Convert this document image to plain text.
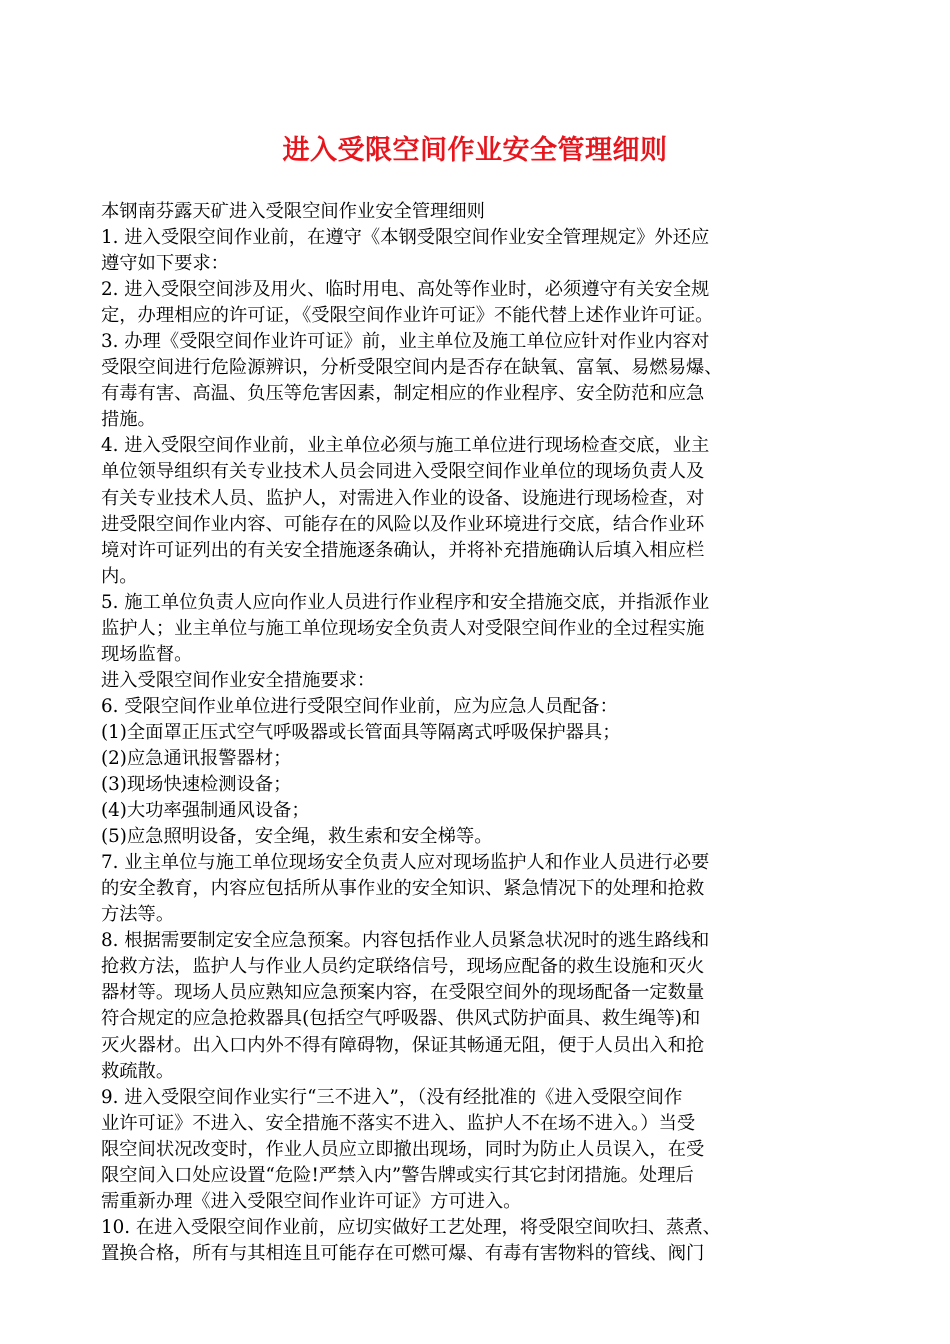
进入受限空间作业安全管理细则
本钢南芬露天矿进入受限空间作业安全管理细则
1. 进入受限空间作业前，在遵守《本钢受限空间作业安全管理规定》外还应
遵守如下要求：
2. 进入受限空间涉及用火、临时用电、高处等作业时，必须遵守有关安全规
定，办理相应的许可证，《受限空间作业许可证》不能代替上述作业许可证。
3. 办理《受限空间作业许可证》前，业主单位及施工单位应针对作业内容对
受限空间进行危险源辨识，分析受限空间内是否存在缺氧、富氧、易燃易爆、
有毒有害、高温、负压等危害因素，制定相应的作业程序、安全防范和应急
措施。
4. 进入受限空间作业前，业主单位必须与施工单位进行现场检查交底，业主
单位领导组织有关专业技术人员会同进入受限空间作业单位的现场负责人及
有关专业技术人员、监护人，对需进入作业的设备、设施进行现场检查，对
进受限空间作业内容、可能存在的风险以及作业环境进行交底，结合作业环
境对许可证列出的有关安全措施逐条确认，并将补充措施确认后填入相应栏
内。
5. 施工单位负责人应向作业人员进行作业程序和安全措施交底，并指派作业
监护人；业主单位与施工单位现场安全负责人对受限空间作业的全过程实施
现场监督。
进入受限空间作业安全措施要求：
6. 受限空间作业单位进行受限空间作业前，应为应急人员配备：
(1)全面罩正压式空气呼吸器或长管面具等隔离式呼吸保护器具；
(2)应急通讯报警器材；
(3)现场快速检测设备；
(4)大功率强制通风设备；
(5)应急照明设备，安全绳，救生索和安全梯等。
7. 业主单位与施工单位现场安全负责人应对现场监护人和作业人员进行必要
的安全教育，内容应包括所从事作业的安全知识、紧急情况下的处理和抢救
方法等。
8. 根据需要制定安全应急预案。内容包括作业人员紧急状况时的逃生路线和
抢救方法，监护人与作业人员约定联络信号，现场应配备的救生设施和灭火
器材等。现场人员应熟知应急预案内容，在受限空间外的现场配备一定数量
符合规定的应急抢救器具(包括空气呼吸器、供风式防护面具、救生绳等)和
灭火器材。出入口内外不得有障碍物，保证其畅通无阻，便于人员出入和抢
救疏散。
9. 进入受限空间作业实行“三不进入”，（没有经批准的《进入受限空间作
业许可证》不进入、安全措施不落实不进入、监护人不在场不进入。）当受
限空间状况改变时，作业人员应立即撤出现场，同时为防止人员误入，在受
限空间入口处应设置“危险!严禁入内”警告牌或实行其它封闭措施。处理后
需重新办理《进入受限空间作业许可证》方可进入。
10. 在进入受限空间作业前，应切实做好工艺处理，将受限空间吹扫、蒸煮、
置换合格，所有与其相连且可能存在可燃可爆、有毒有害物料的管线、阀门
